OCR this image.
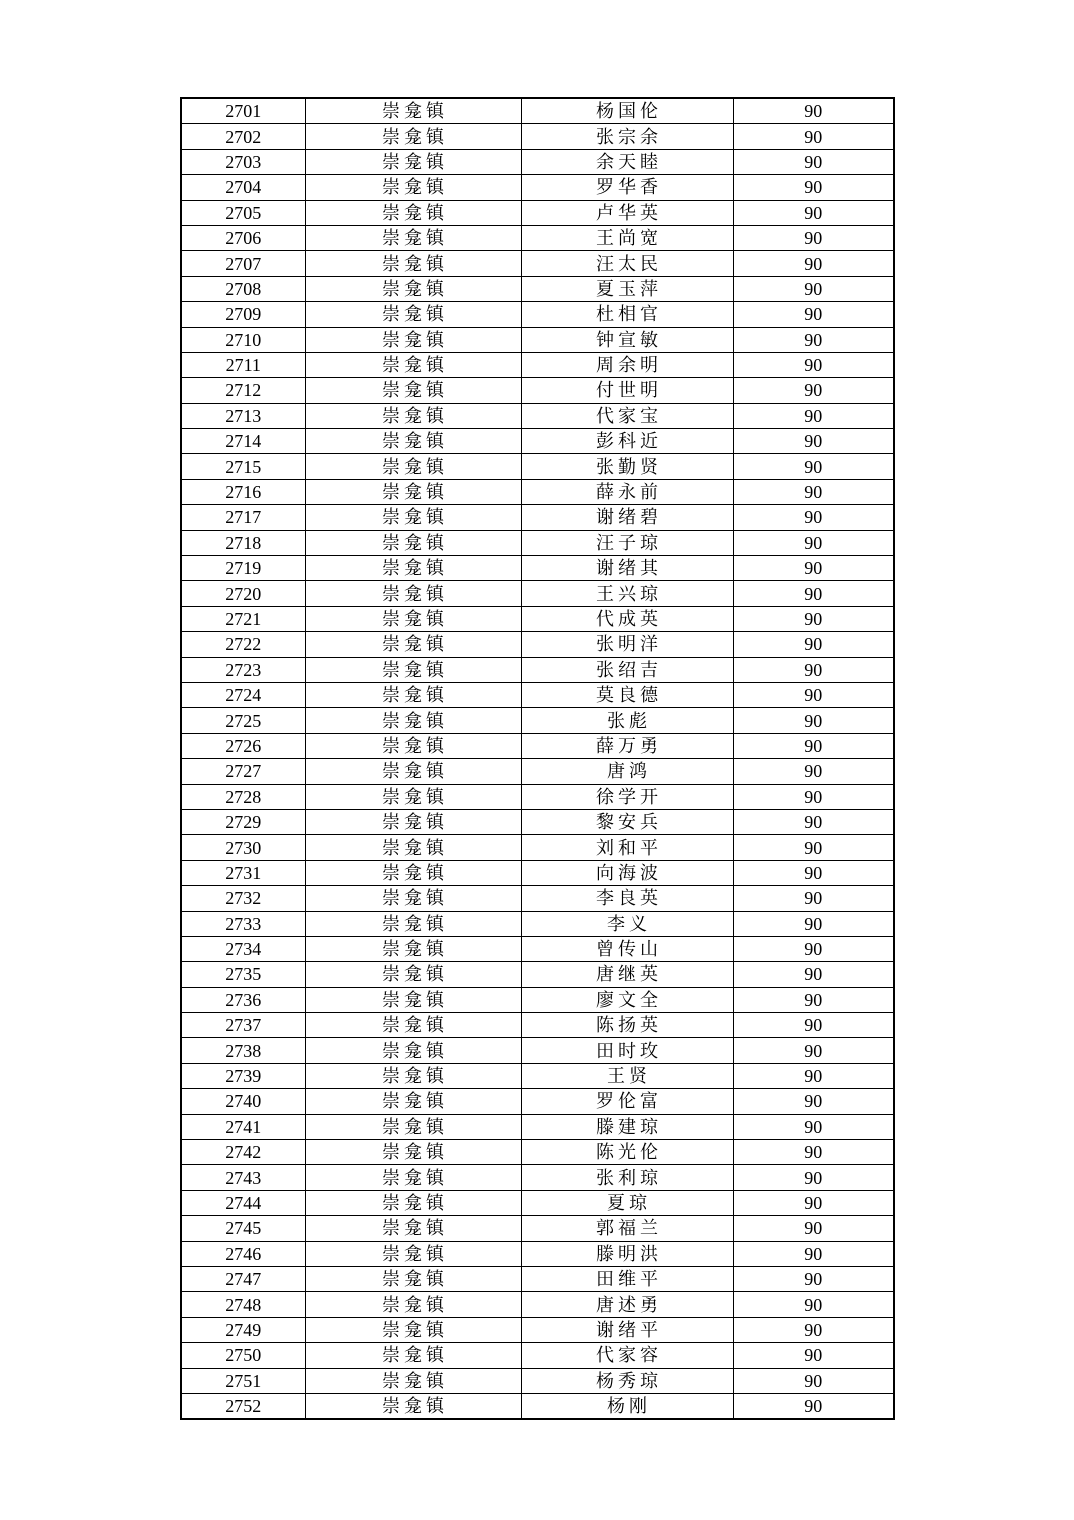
2701	崇龛镇	杨国伦	90
2702	崇龛镇	张宗余	90
2703	崇龛镇	余天睦	90
2704	崇龛镇	罗华香	90
2705	崇龛镇	卢华英	90
2706	崇龛镇	王尚宽	90
2707	崇龛镇	汪太民	90
2708	崇龛镇	夏玉萍	90
2709	崇龛镇	杜相官	90
2710	崇龛镇	钟宣敏	90
2711	崇龛镇	周余明	90
2712	崇龛镇	付世明	90
2713	崇龛镇	代家宝	90
2714	崇龛镇	彭科近	90
2715	崇龛镇	张勤贤	90
2716	崇龛镇	薛永前	90
2717	崇龛镇	谢绪碧	90
2718	崇龛镇	汪子琼	90
2719	崇龛镇	谢绪其	90
2720	崇龛镇	王兴琼	90
2721	崇龛镇	代成英	90
2722	崇龛镇	张明洋	90
2723	崇龛镇	张绍吉	90
2724	崇龛镇	莫良德	90
2725	崇龛镇	张彪	90
2726	崇龛镇	薛万勇	90
2727	崇龛镇	唐鸿	90
2728	崇龛镇	徐学开	90
2729	崇龛镇	黎安兵	90
2730	崇龛镇	刘和平	90
2731	崇龛镇	向海波	90
2732	崇龛镇	李良英	90
2733	崇龛镇	李义	90
2734	崇龛镇	曾传山	90
2735	崇龛镇	唐继英	90
2736	崇龛镇	廖文全	90
2737	崇龛镇	陈扬英	90
2738	崇龛镇	田时玫	90
2739	崇龛镇	王贤	90
2740	崇龛镇	罗伦富	90
2741	崇龛镇	滕建琼	90
2742	崇龛镇	陈光伦	90
2743	崇龛镇	张利琼	90
2744	崇龛镇	夏琼	90
2745	崇龛镇	郭福兰	90
2746	崇龛镇	滕明洪	90
2747	崇龛镇	田维平	90
2748	崇龛镇	唐述勇	90
2749	崇龛镇	谢绪平	90
2750	崇龛镇	代家容	90
2751	崇龛镇	杨秀琼	90
2752	崇龛镇	杨刚	90
